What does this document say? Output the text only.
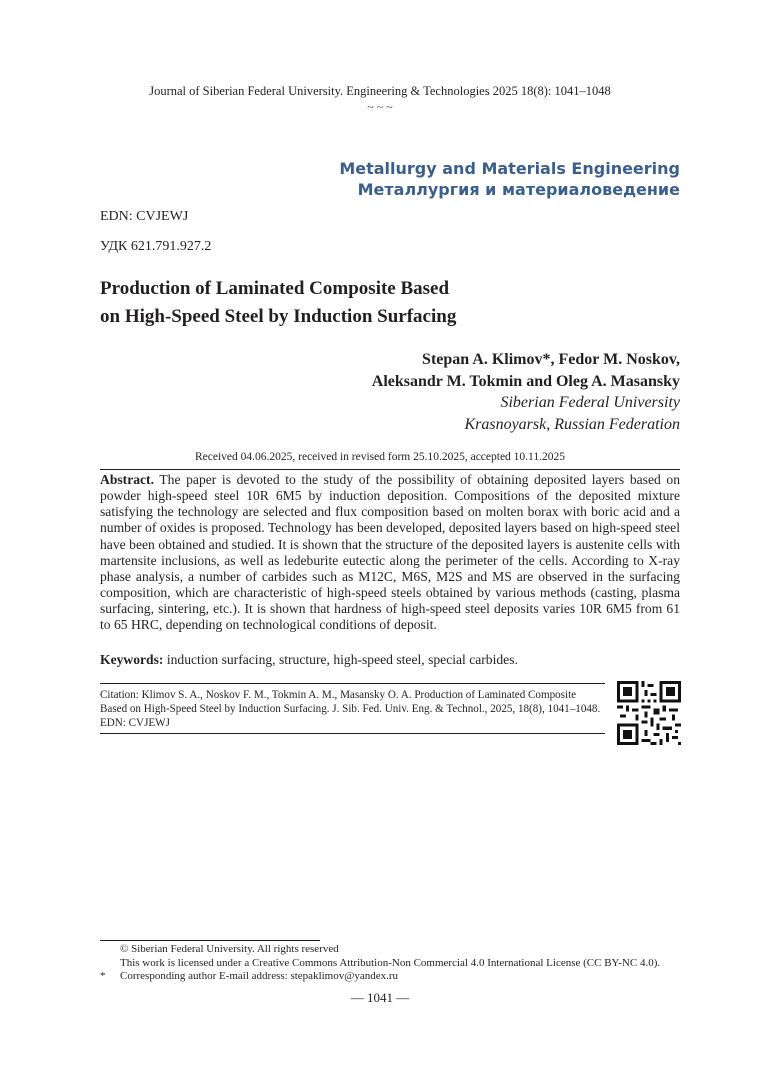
Journal of Siberian Federal University. Engineering & Technologies 2025 18(8): 1041–1048
~ ~ ~
Metallurgy and Materials Engineering
Металлургия и материаловедение
EDN: CVJEWJ
УДК 621.791.927.2
Production of Laminated Composite Based
on High-Speed Steel by Induction Surfacing
Stepan A. Klimov*, Fedor M. Noskov,
Aleksandr M. Tokmin and Oleg A. Masansky
Siberian Federal University
Krasnoyarsk, Russian Federation
Received 04.06.2025, received in revised form 25.10.2025, accepted 10.11.2025
Abstract. The paper is devoted to the study of the possibility of obtaining deposited layers based on powder high-speed steel 10R 6M5 by induction deposition. Compositions of the deposited mixture satisfying the technology are selected and flux composition based on molten borax with boric acid and a number of oxides is proposed. Technology has been developed, deposited layers based on high-speed steel have been obtained and studied. It is shown that the structure of the deposited layers is austenite cells with martensite inclusions, as well as ledeburite eutectic along the perimeter of the cells. According to X-ray phase analysis, a number of carbides such as M12C, M6S, M2S and MS are observed in the surfacing composition, which are characteristic of high-speed steels obtained by various methods (casting, plasma surfacing, sintering, etc.). It is shown that hardness of high-speed steel deposits varies 10R 6M5 from 61 to 65 HRC, depending on technological conditions of deposit.
Keywords: induction surfacing, structure, high-speed steel, special carbides.
Citation: Klimov S. A., Noskov F. M., Tokmin A. M., Masansky O. A. Production of Laminated Composite
Based on High-Speed Steel by Induction Surfacing. J. Sib. Fed. Univ. Eng. & Technol., 2025, 18(8), 1041–1048.
EDN: CVJEWJ
© Siberian Federal University. All rights reserved
This work is licensed under a Creative Commons Attribution-Non Commercial 4.0 International License (CC BY-NC 4.0).
* Corresponding author E-mail address: stepaklimov@yandex.ru
— 1041 —
